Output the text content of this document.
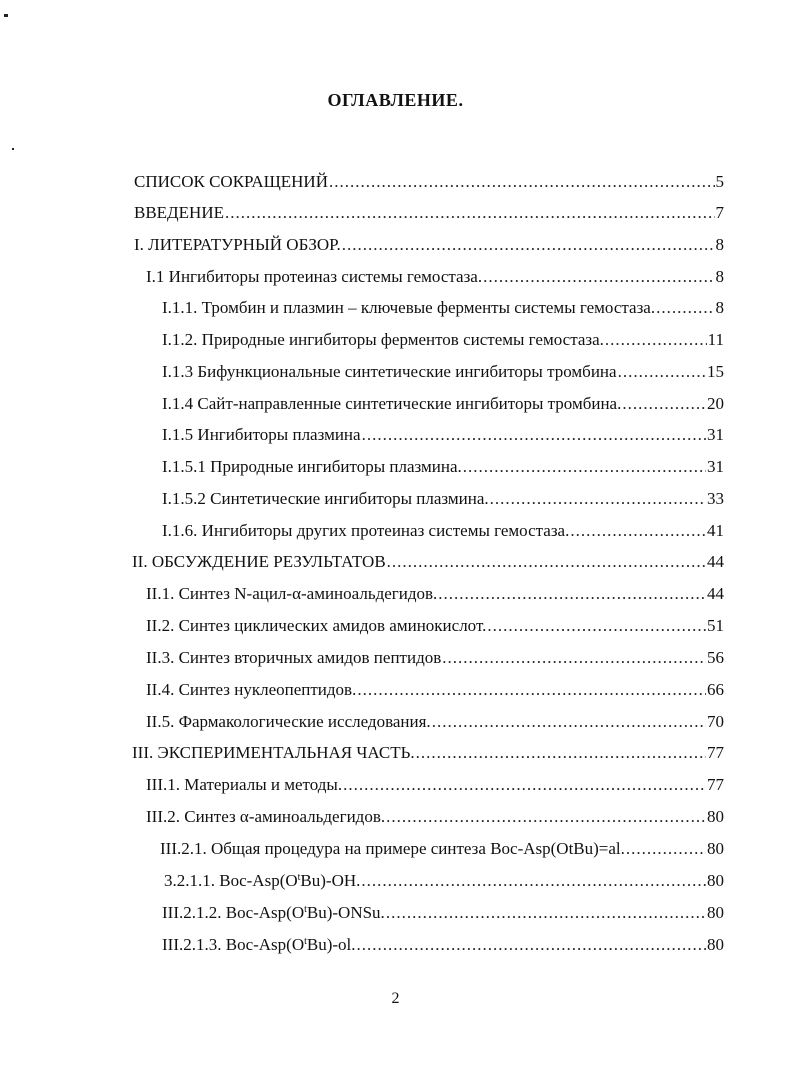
ОГЛАВЛЕНИЕ.
СПИСОК СОКРАЩЕНИЙ .....	5
ВВЕДЕНИЕ .....	7
I. ЛИТЕРАТУРНЫЙ ОБЗОР. .....	8
I.1 Ингибиторы протеиназ системы гемостаза. .....	8
I.1.1. Тромбин и плазмин – ключевые ферменты системы гемостаза. .....	8
I.1.2. Природные ингибиторы ферментов системы гемостаза. .....	11
I.1.3 Бифункциональные синтетические ингибиторы тромбина .....	15
I.1.4 Сайт-направленные синтетические ингибиторы тромбина. .....	20
I.1.5 Ингибиторы плазмина .....	31
I.1.5.1 Природные ингибиторы плазмина. .....	31
I.1.5.2 Синтетические ингибиторы плазмина. .....	33
I.1.6. Ингибиторы других протеиназ системы гемостаза. .....	41
II. ОБСУЖДЕНИЕ РЕЗУЛЬТАТОВ .....	44
II.1. Синтез N-ацил-α-аминоальдегидов. .....	44
II.2. Синтез циклических амидов аминокислот. .....	51
II.3. Синтез вторичных амидов пептидов .....	56
II.4. Синтез нуклеопептидов. .....	66
II.5. Фармакологические исследования. .....	70
III. ЭКСПЕРИМЕНТАЛЬНАЯ ЧАСТЬ. .....	77
III.1. Материалы и методы. .....	77
III.2. Синтез α-аминоальдегидов. .....	80
III.2.1. Общая процедура на примере синтеза Boc-Asp(OtBu)=al. .....	80
3.2.1.1. Boc-$Asp(O^tBu)-OH$. .....	80
III.2.1.2. Boc-$Asp(O^tBu)$-ONSu. .....	80
III.2.1.3. Boc-$Asp(O^tBu)-ol$. .....	80
2
